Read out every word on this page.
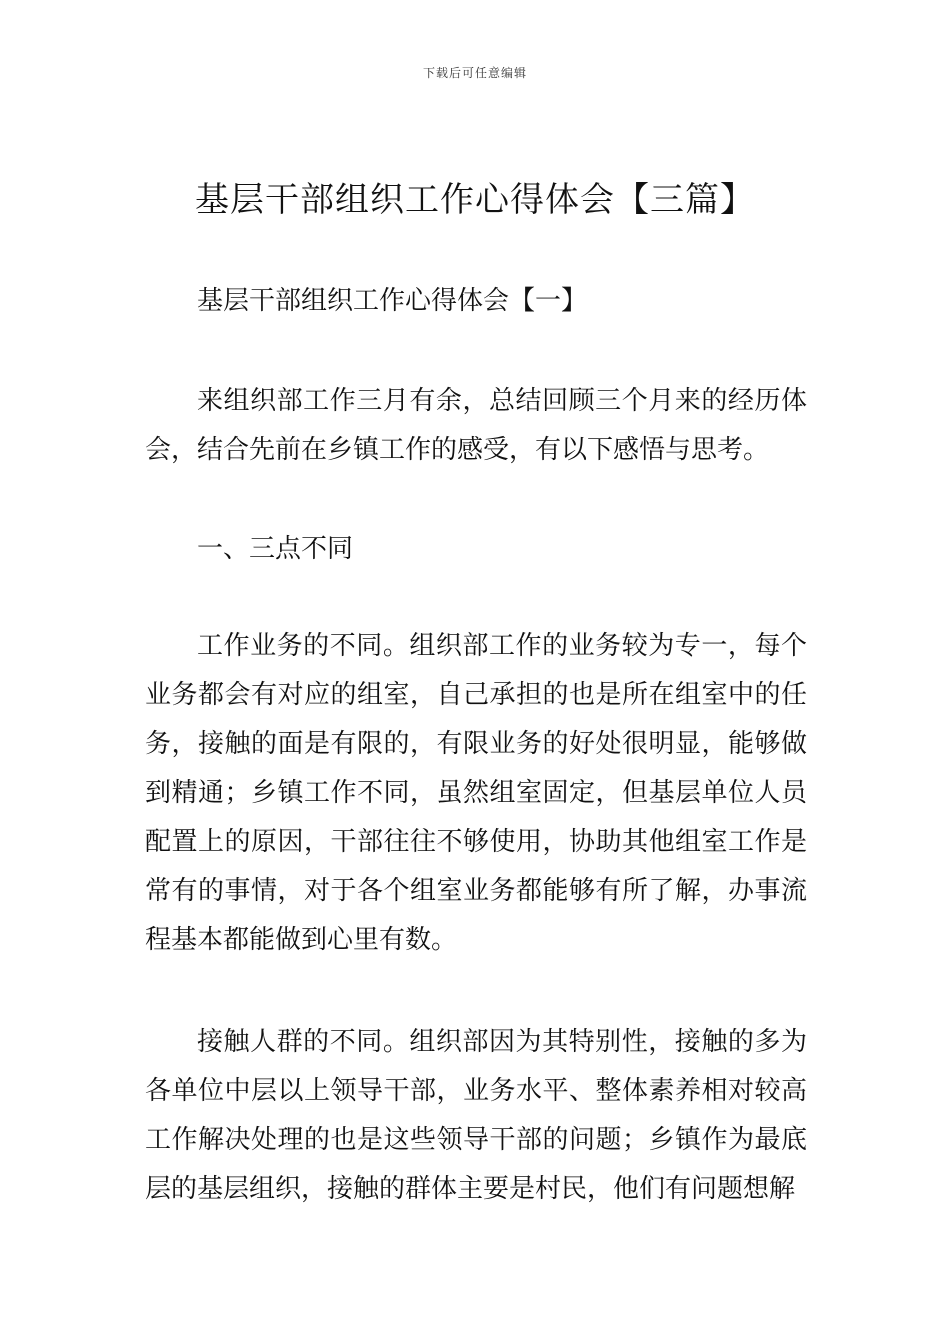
下载后可任意编辑
基层干部组织工作心得体会【三篇】

基层干部组织工作心得体会【一】

来组织部工作三月有余，总结回顾三个月来的经历体会，结合先前在乡镇工作的感受，有以下感悟与思考。

一、三点不同

工作业务的不同。组织部工作的业务较为专一，每个业务都会有对应的组室，自己承担的也是所在组室中的任务，接触的面是有限的，有限业务的好处很明显，能够做到精通；乡镇工作不同，虽然组室固定，但基层单位人员配置上的原因，干部往往不够使用，协助其他组室工作是常有的事情，对于各个组室业务都能够有所了解，办事流程基本都能做到心里有数。

接触人群的不同。组织部因为其特别性，接触的多为各单位中层以上领导干部，业务水平、整体素养相对较高工作解决处理的也是这些领导干部的问题；乡镇作为最底层的基层组织，接触的群体主要是村民，他们有问题想解
